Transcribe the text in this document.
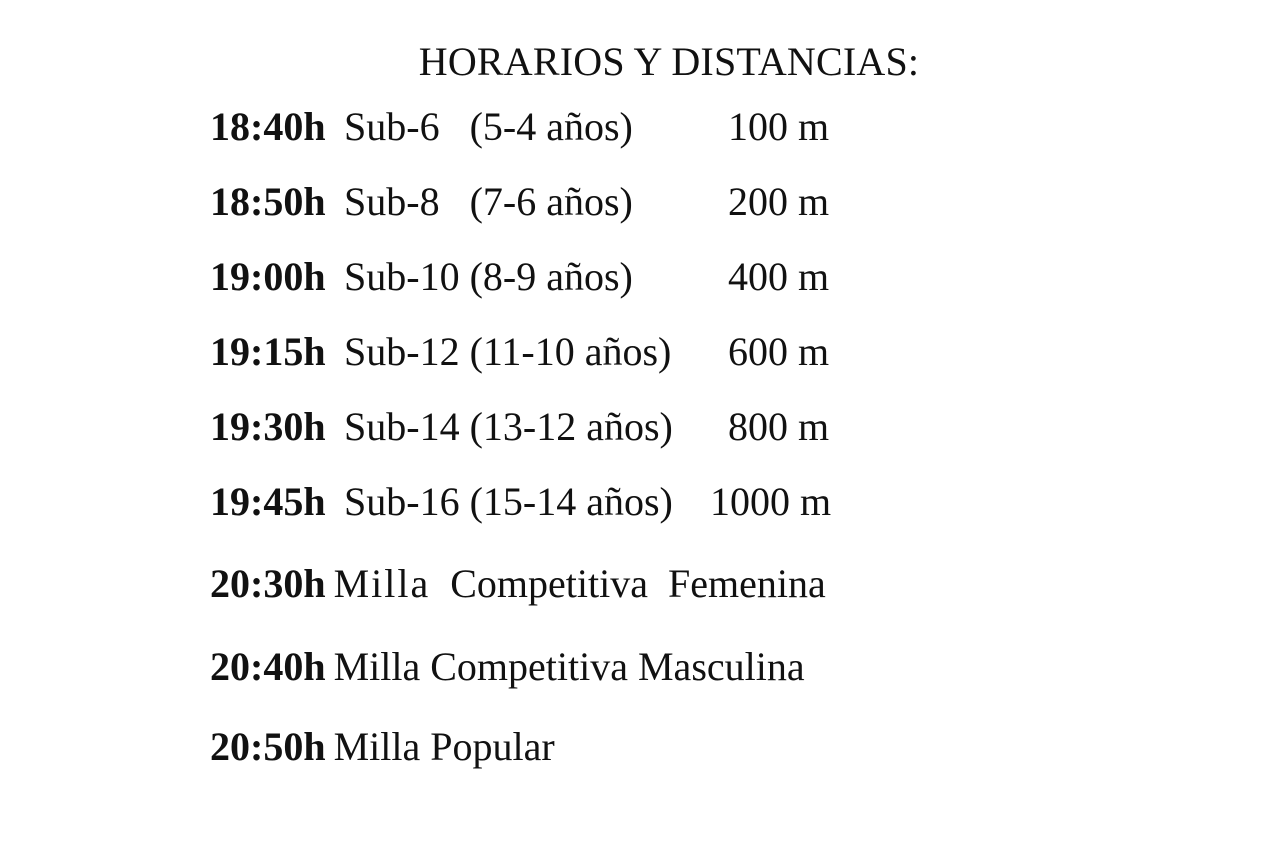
HORARIOS Y DISTANCIAS:
18:40h Sub-6   (5-4 años) 100 m
18:50h Sub-8   (7-6 años) 200 m
19:00h Sub-10 (8-9 años) 400 m
19:15h Sub-12 (11-10 años) 600 m
19:30h Sub-14 (13-12 años) 800 m
19:45h Sub-16 (15-14 años) 1000 m
20:30h Milla Competitiva Femenina
20:40h Milla Competitiva Masculina
20:50h Milla Popular
